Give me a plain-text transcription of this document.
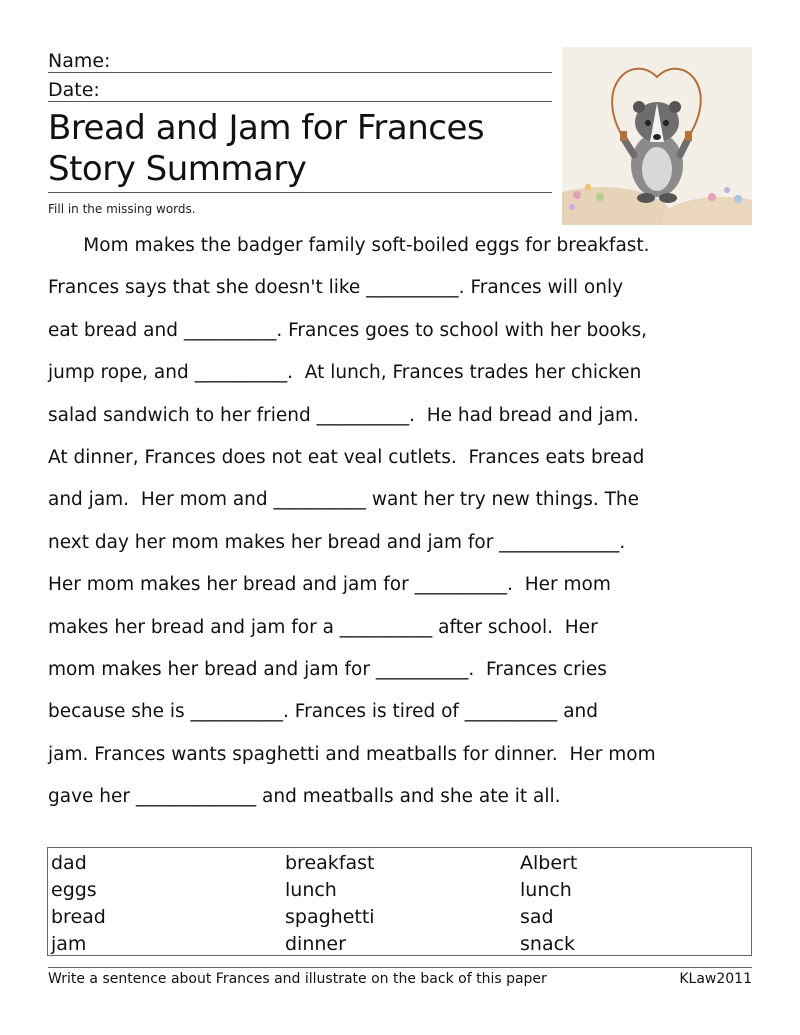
Name:
Date:
Bread and Jam for Frances
Story Summary
Fill in the missing words.
Mom makes the badger family soft-boiled eggs for breakfast.
Frances says that she doesn't like __________. Frances will only
eat bread and __________. Frances goes to school with her books,
jump rope, and __________.  At lunch, Frances trades her chicken
salad sandwich to her friend __________.  He had bread and jam.
At dinner, Frances does not eat veal cutlets.  Frances eats bread
and jam.  Her mom and __________ want her try new things. The
next day her mom makes her bread and jam for _____________.
Her mom makes her bread and jam for __________.  Her mom
makes her bread and jam for a __________ after school.  Her
mom makes her bread and jam for __________.  Frances cries
because she is __________. Frances is tired of __________ and
jam. Frances wants spaghetti and meatballs for dinner.  Her mom
gave her _____________ and meatballs and she ate it all.
dad
eggs
bread
jam
breakfast
lunch
spaghetti
dinner
Albert
lunch
sad
snack
Write a sentence about Frances and illustrate on the back of this paper	KLaw2011
